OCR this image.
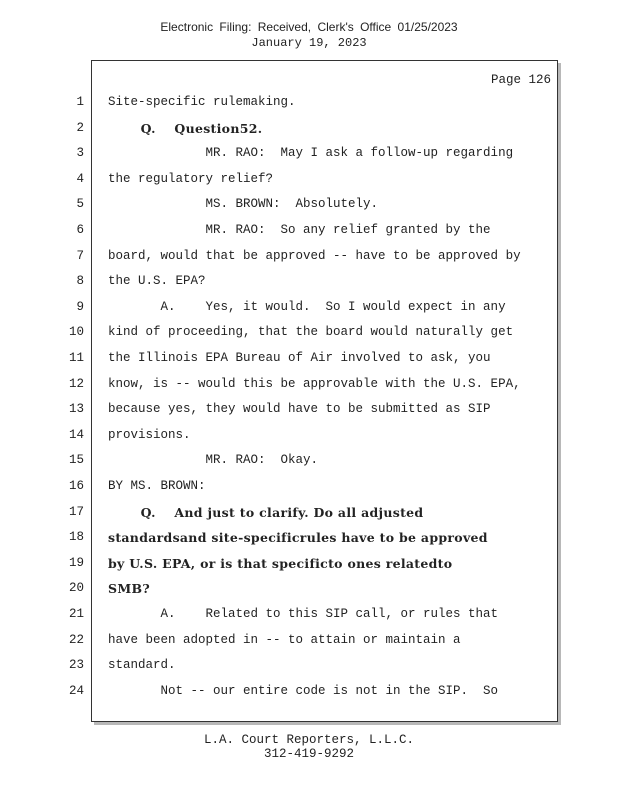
Electronic Filing: Received, Clerk's Office 01/25/2023
January 19, 2023
Page 126
1 Site-specific rulemaking.
2 Q.    Question52.
3 MR. RAO:  May I ask a follow-up regarding
4 the regulatory relief?
5 MS. BROWN:  Absolutely.
6 MR. RAO:  So any relief granted by the
7 board, would that be approved -- have to be approved by
8 the U.S. EPA?
9 A.    Yes, it would.  So I would expect in any
10 kind of proceeding, that the board would naturally get
11 the Illinois EPA Bureau of Air involved to ask, you
12 know, is -- would this be approvable with the U.S. EPA,
13 because yes, they would have to be submitted as SIP
14 provisions.
15 MR. RAO:  Okay.
16 BY MS. BROWN:
17 Q.    And just to clarify. Do all adjusted
18 standardsand site-specificrules have to be approved
19 by U.S. EPA, or is that specificto ones relatedto
20 SMB?
21 A.    Related to this SIP call, or rules that
22 have been adopted in -- to attain or maintain a
23 standard.
24 Not -- our entire code is not in the SIP.  So
L.A. Court Reporters, L.L.C.
312-419-9292
